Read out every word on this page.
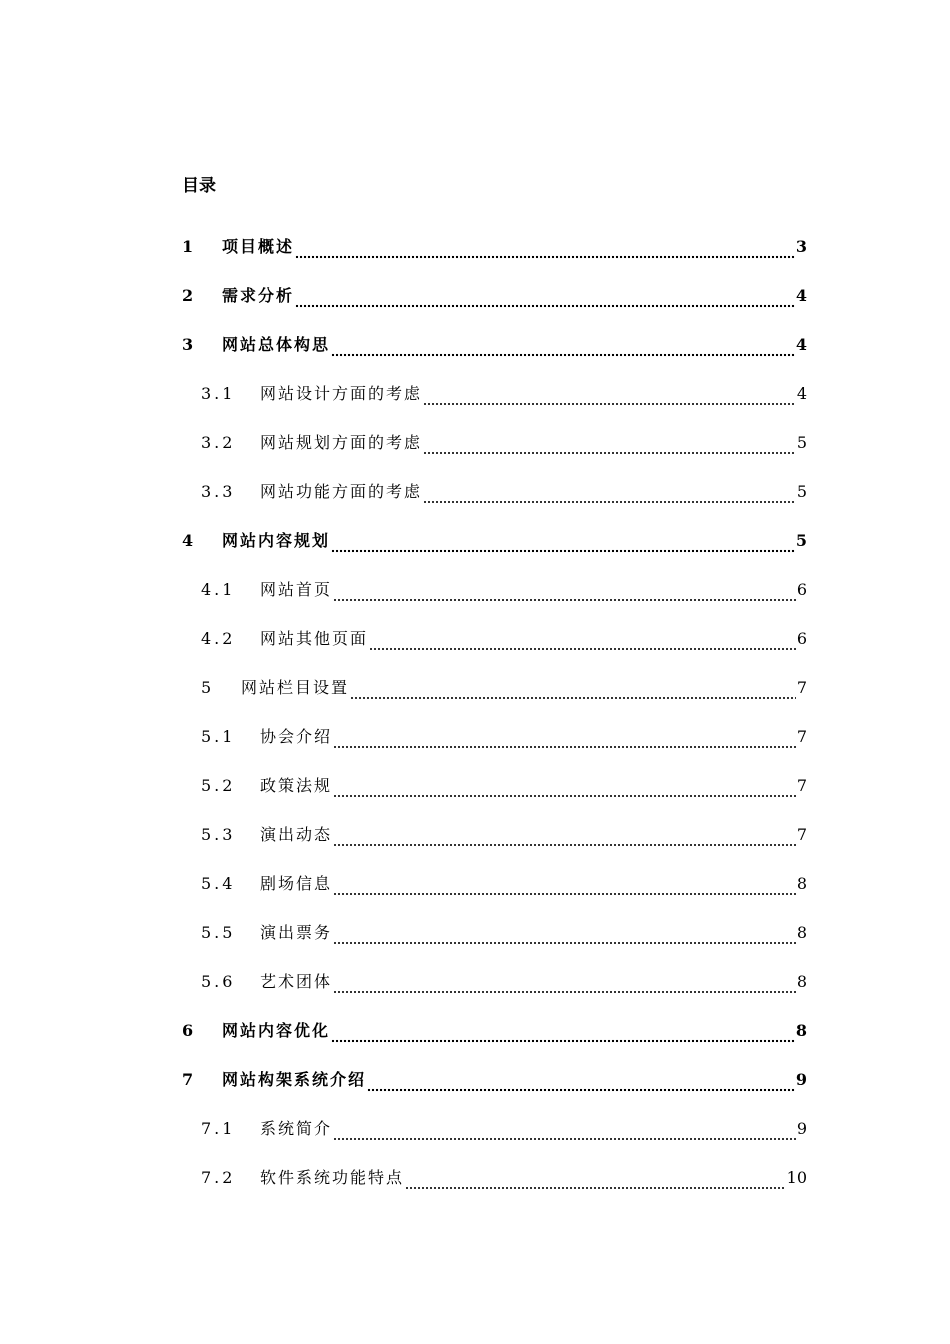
目录
1	项目概述	3
2	需求分析	4
3	网站总体构思	4
3.1	网站设计方面的考虑	4
3.2	网站规划方面的考虑	5
3.3	网站功能方面的考虑	5
4	网站内容规划	5
4.1	网站首页	6
4.2	网站其他页面	6
5	网站栏目设置	7
5.1	协会介绍	7
5.2	政策法规	7
5.3	演出动态	7
5.4	剧场信息	8
5.5	演出票务	8
5.6	艺术团体	8
6	网站内容优化	8
7	网站构架系统介绍	9
7.1	系统简介	9
7.2	软件系统功能特点	10
